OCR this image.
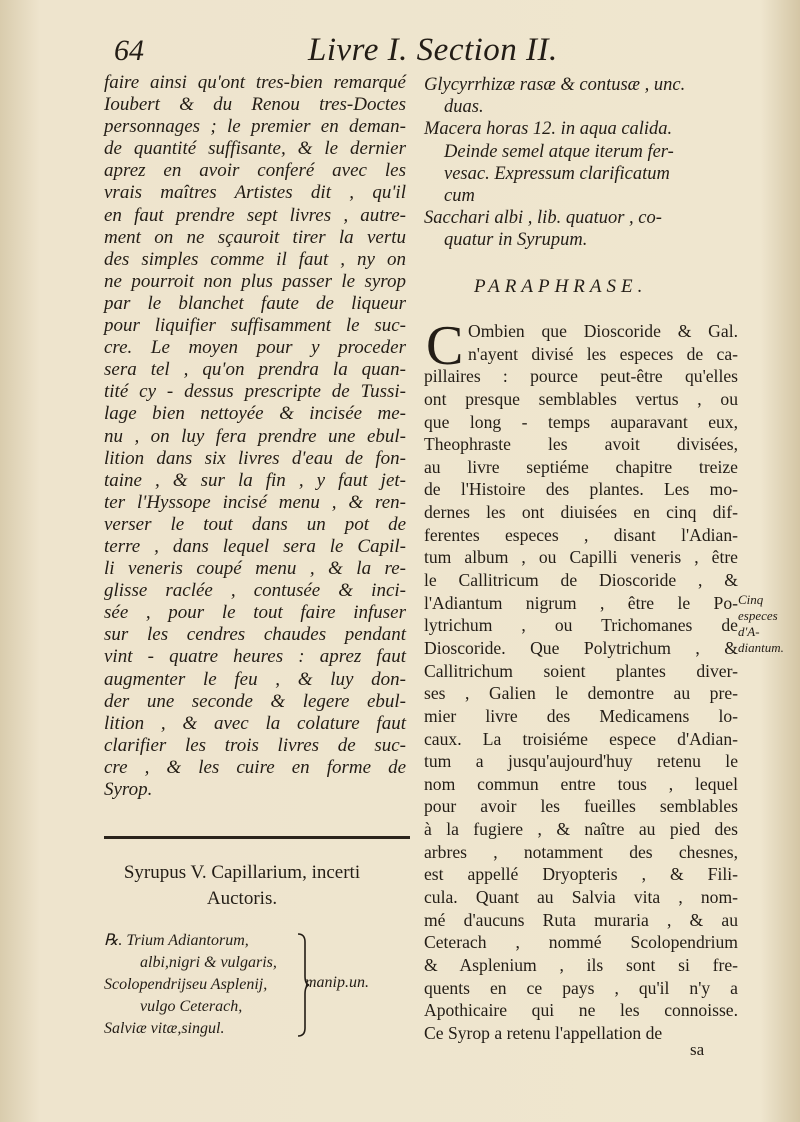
64	Livre I. Section II.
faire ainsi qu'ont tres-bien remarqué
Ioubert & du Renou tres-Doctes
personnages ; le premier en deman-
de quantité suffisante, & le dernier
aprez en avoir conferé avec les
vrais maîtres Artistes dit , qu'il
en faut prendre sept livres , autre-
ment on ne sçauroit tirer la vertu
des simples comme il faut , ny on
ne pourroit non plus passer le syrop
par le blanchet faute de liqueur
pour liquifier suffisamment le suc-
cre. Le moyen pour y proceder
sera tel , qu'on prendra la quan-
tité cy - dessus prescripte de Tussi-
lage bien nettoyée & incisée me-
nu , on luy fera prendre une ebul-
lition dans six livres d'eau de fon-
taine , & sur la fin , y faut jet-
ter l'Hyssope incisé menu , & ren-
verser le tout dans un pot de
terre , dans lequel sera le Capil-
li veneris coupé menu , & la re-
glisse raclée , contusée & inci-
sée , pour le tout faire infuser
sur les cendres chaudes pendant
vint - quatre heures : aprez faut
augmenter le feu , & luy don-
der une seconde & legere ebul-
lition , & avec la colature faut
clarifier les trois livres de suc-
cre , & les cuire en forme de
Syrop.
Glycyrrhizæ rasæ & contusæ , unc.
duas.
Macera horas 12. in aqua calida.
Deinde semel atque iterum fer-
vesac. Expressum clarificatum
cum
Sacchari albi , lib. quatuor , co-
quatur in Syrupum.
PARAPHRASE.
C Ombien que Dioscoride & Gal.
n'ayent divisé les especes de ca-
pillaires : pource peut-être qu'elles
ont presque semblables vertus , ou
que long - temps auparavant eux,
Theophraste les avoit divisées,
au livre septiéme chapitre treize
de l'Histoire des plantes. Les mo-
dernes les ont diuisées en cinq dif-
ferentes especes , disant l'Adian-
tum album , ou Capilli veneris , être
le Callitricum de Dioscoride , &
l'Adiantum nigrum , être le Po-
lytrichum , ou Trichomanes de
Dioscoride. Que Polytrichum , &
Callitrichum soient plantes diver-
ses , Galien le demontre au pre-
mier livre des Medicamens lo-
caux. La troisiéme espece d'Adian-
tum a jusqu'aujourd'huy retenu le
nom commun entre tous , lequel
pour avoir les fueilles semblables
à la fugiere , & naître au pied des
arbres , notamment des chesnes,
est appellé Dryopteris , & Fili-
cula. Quant au Salvia vita , nom-
mé d'aucuns Ruta muraria , & au
Ceterach , nommé Scolopendrium
& Asplenium , ils sont si fre-
quents en ce pays , qu'il n'y a
Apothicaire qui ne les connoisse.
Ce Syrop a retenu l'appellation de
Cinq
especes
d'A-
diantum.
Syrupus V. Capillarium, incerti
Auctoris.
℞. Trium Adiantorum,
albi,nigri & vulgaris,
Scolopendrijseu Asplenij,
vulgo Ceterach,
Salviæ vitæ,singul.
manip.un.
sa
